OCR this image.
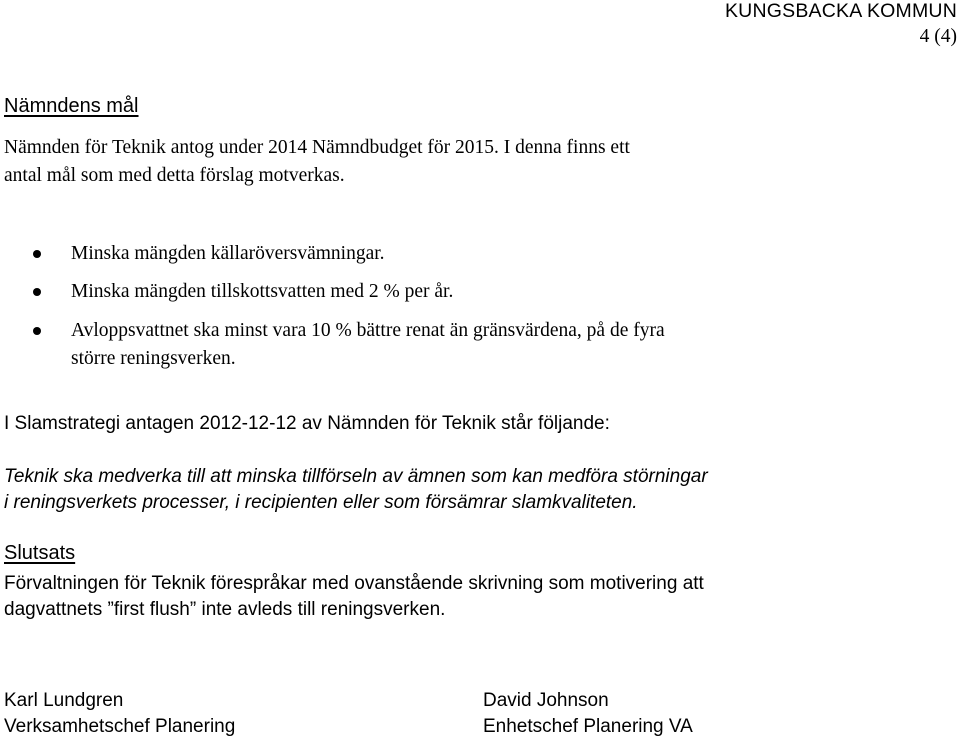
KUNGSBACKA KOMMUN
4 (4)
Nämndens mål
Nämnden för Teknik antog under 2014 Nämndbudget för 2015. I denna finns ett
antal mål som med detta förslag motverkas.
Minska mängden källaröversvämningar.
Minska mängden tillskottsvatten med 2 % per år.
Avloppsvattnet ska minst vara 10 % bättre renat än gränsvärdena, på de fyra
större reningsverken.
I Slamstrategi antagen 2012-12-12 av Nämnden för Teknik står följande:
Teknik ska medverka till att minska tillförseln av ämnen som kan medföra störningar
i reningsverkets processer, i recipienten eller som försämrar slamkvaliteten.
Slutsats
Förvaltningen för Teknik förespråkar med ovanstående skrivning som motivering att
dagvattnets ”first flush” inte avleds till reningsverken.
Karl Lundgren
Verksamhetschef Planering
David Johnson
Enhetschef Planering VA
